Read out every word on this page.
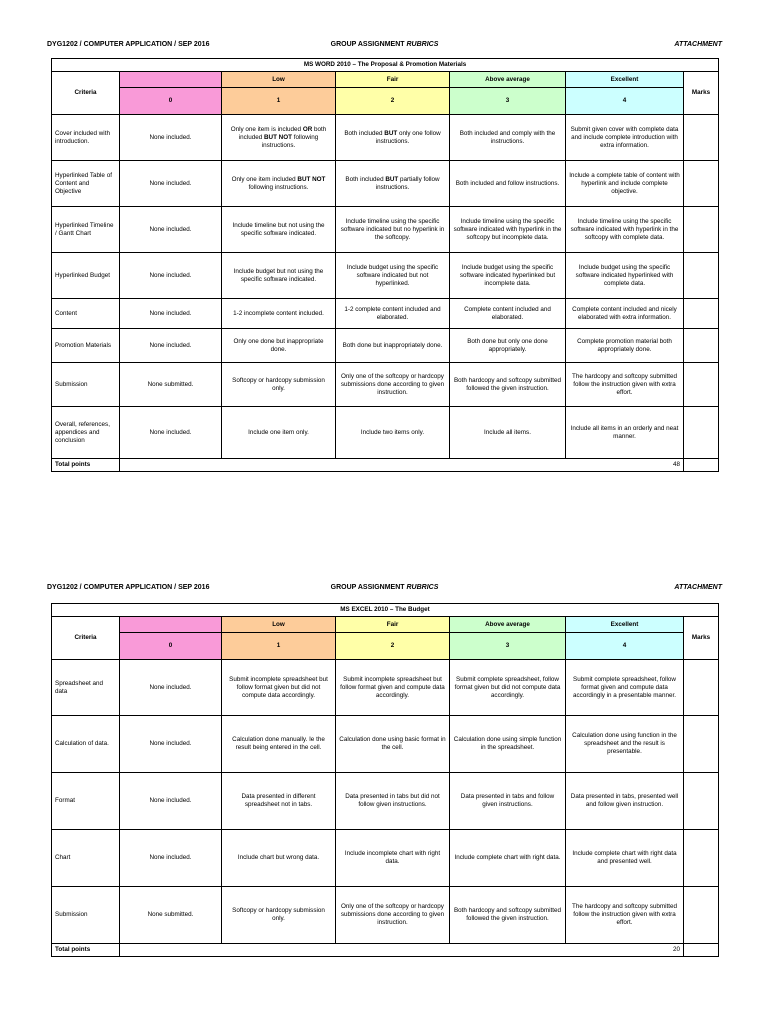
DYG1202 / COMPUTER APPLICATION / SEP 2016	GROUP ASSIGNMENT RUBRICS	ATTACHMENT
MS WORD 2010 – The Proposal & Promotion Materials						
Criteria		Low	Fair	Above average	Excellent	Marks
	0	1	2	3	4	
Cover included with introduction.	None included.	Only one item is included OR both included BUT NOT following instructions.	Both included BUT only one follow instructions.	Both included and comply with the instructions.	Submit given cover with complete data and include complete introduction with extra information.	
Hyperlinked Table of Content and Objective	None included.	Only one item included BUT NOT following instructions.	Both included BUT partially follow instructions.	Both included and follow instructions.	Include a complete table of content with hyperlink and include complete objective.	
Hyperlinked Timeline / Gantt Chart	None included.	Include timeline but not using the specific software indicated.	Include timeline using the specific software indicated but no hyperlink in the softcopy.	Include timeline using the specific software indicated with hyperlink in the softcopy but incomplete data.	Include timeline using the specific software indicated with hyperlink in the softcopy with complete data.	
Hyperlinked Budget	None included.	Include budget but not using the specific software indicated.	Include budget using the specific software indicated but not hyperlinked.	Include budget using the specific software indicated hyperlinked but incomplete data.	Include budget using the specific software indicated hyperlinked with complete data.	
Content	None included.	1-2 incomplete content included.	1-2 complete content included and elaborated.	Complete content included and elaborated.	Complete content included and nicely elaborated with extra information.	
Promotion Materials	None included.	Only one done but inappropriate done.	Both done but inappropriately done.	Both done but only one done appropriately.	Complete promotion material both appropriately done.	
Submission	None submitted.	Softcopy or hardcopy submission only.	Only one of the softcopy or hardcopy submissions done according to given instruction.	Both hardcopy and softcopy submitted followed the given instruction.	The hardcopy and softcopy submitted follow the instruction given with extra effort.	
Overall, references, appendices and conclusion	None included.	Include one item only.	Include two items only.	Include all items.	Include all items in an orderly and neat manner.	
Total points	48					
DYG1202 / COMPUTER APPLICATION / SEP 2016	GROUP ASSIGNMENT RUBRICS	ATTACHMENT
MS EXCEL 2010 – The Budget						
Criteria		Low	Fair	Above average	Excellent	Marks
	0	1	2	3	4	
Spreadsheet and data	None included.	Submit incomplete spreadsheet but follow format given but did not compute data accordingly.	Submit incomplete spreadsheet but follow format given and compute data accordingly.	Submit complete spreadsheet, follow format given but did not compute data accordingly.	Submit complete spreadsheet, follow format given and compute data accordingly in a presentable manner.	
Calculation of data.	None included.	Calculation done manually. Ie the result being entered in the cell.	Calculation done using basic format in the cell.	Calculation done using simple function in the spreadsheet.	Calculation done using function in the spreadsheet and the result is presentable.	
Format	None included.	Data presented in different spreadsheet not in tabs.	Data presented in tabs but did not follow given instructions.	Data presented in tabs and follow given instructions.	Data presented in tabs, presented well and follow given instruction.	
Chart	None included.	Include chart but wrong data.	Include incomplete chart with right data.	Include complete chart with right data.	Include complete chart with right data and presented well.	
Submission	None submitted.	Softcopy or hardcopy submission only.	Only one of the softcopy or hardcopy submissions done according to given instruction.	Both hardcopy and softcopy submitted followed the given instruction.	The hardcopy and softcopy submitted follow the instruction given with extra effort.	
Total points	20					
